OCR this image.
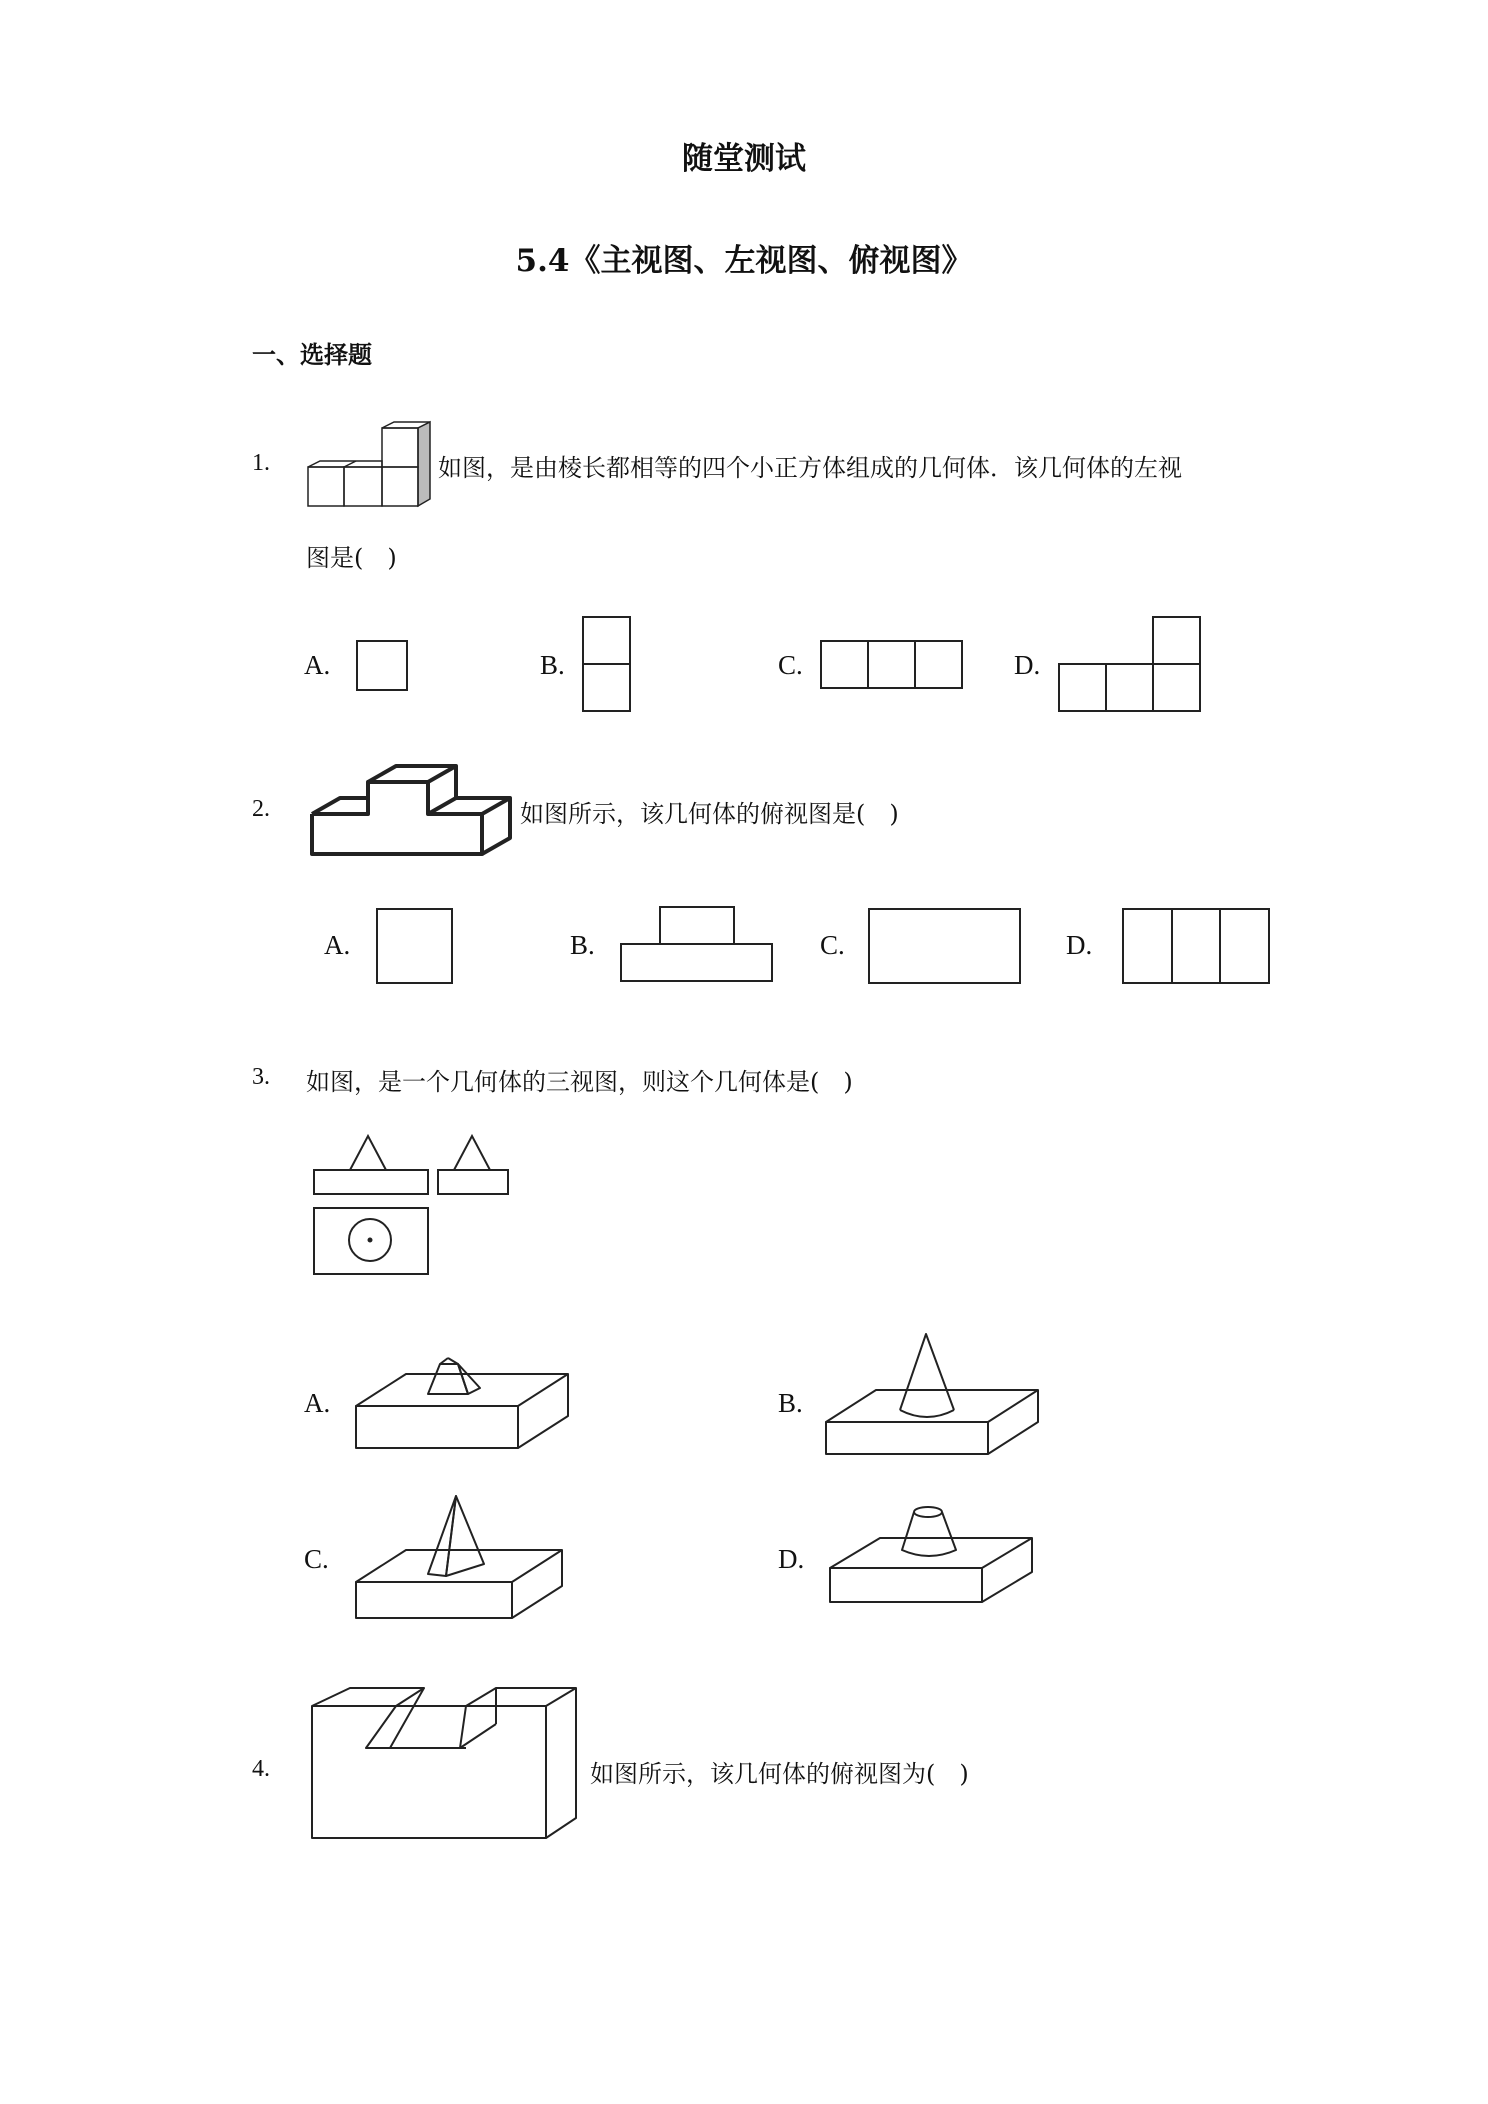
随堂测试
5.4《主视图、左视图、俯视图》
一、选择题
1.	如图，是由棱长都相等的四个小正方体组成的几何体．该几何体的左视
图是(　)
A.	B.	C.	D.
2.	如图所示，该几何体的俯视图是(　)
A.	B.	C.	D.
3. 如图，是一个几何体的三视图，则这个几何体是(　)
A.	B.
C.	D.
4.	如图所示，该几何体的俯视图为(　)
